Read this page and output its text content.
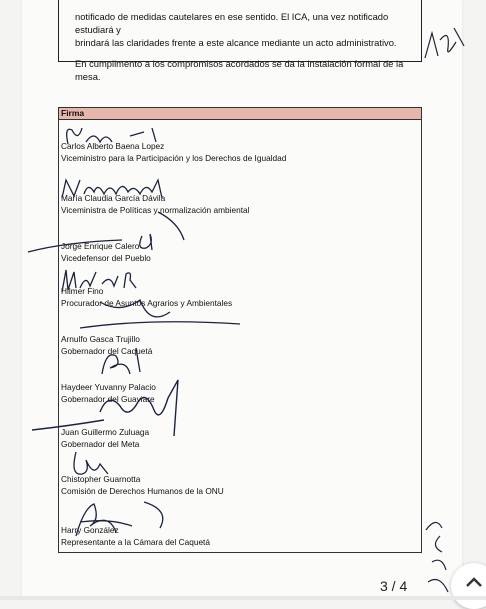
notificado de medidas cautelares en ese sentido. El ICA, una vez notificado estudiará y

brindará las claridades frente a este alcance mediante un acto administrativo.

En cumplimento a los compromisos acordados se da la instalación formal de la mesa.

Firma
Carlos Alberto Baena Lopez
Viceministro para la Participación y los Derechos de Igualdad
María Claudia García Dávila
Viceministra de Políticas y normalización ambiental
Jorge Enrique Calero
Vicedefensor del Pueblo
Hilmer Fino
Procurador de Asuntos Agrarios y Ambientales
Arnulfo Gasca Trujillo
Gobernador del Caquetá
Haydeer Yuvanny Palacio
Gobernador del Guaviare
Juan Guillermo Zuluaga
Gobernador del Meta
Chistopher Guarnotta
Comisión de Derechos Humanos de la ONU
Harry González
Representante a la Cámara del Caquetá
3 / 4
